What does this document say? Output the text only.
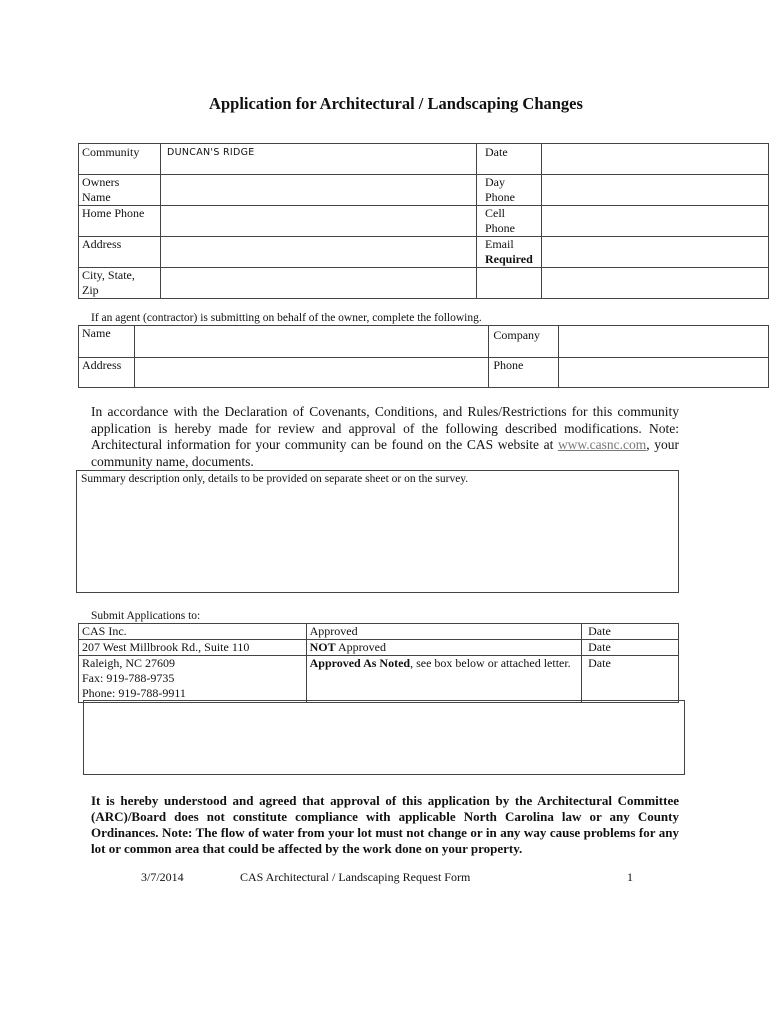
Application for Architectural / Landscaping Changes
Community	DUNCAN'S RIDGE	Date	
Owners
Name		Day
Phone	
Home Phone		Cell
Phone	
Address		Email
Required	
City, State,
Zip			
If an agent (contractor) is submitting on behalf of the owner, complete the following.
Name		Company	
Address		Phone	
In accordance with the Declaration of Covenants, Conditions, and Rules/Restrictions for this community application is hereby made for review and approval of the following described modifications. Note: Architectural information for your community can be found on the CAS website at www.casnc.com, your community name, documents.
Summary description only, details to be provided on separate sheet or on the survey.
Submit Applications to:
CAS Inc.	Approved	Date
207 West Millbrook Rd., Suite 110	NOT Approved	Date
Raleigh, NC 27609
Fax: 919-788-9735
Phone: 919-788-9911	Approved As Noted, see box below or attached letter.	Date
It is hereby understood and agreed that approval of this application by the Architectural Committee (ARC)/Board does not constitute compliance with applicable North Carolina law or any County Ordinances. Note: The flow of water from your lot must not change or in any way cause problems for any lot or common area that could be affected by the work done on your property.
3/7/2014	CAS Architectural / Landscaping Request Form	1
